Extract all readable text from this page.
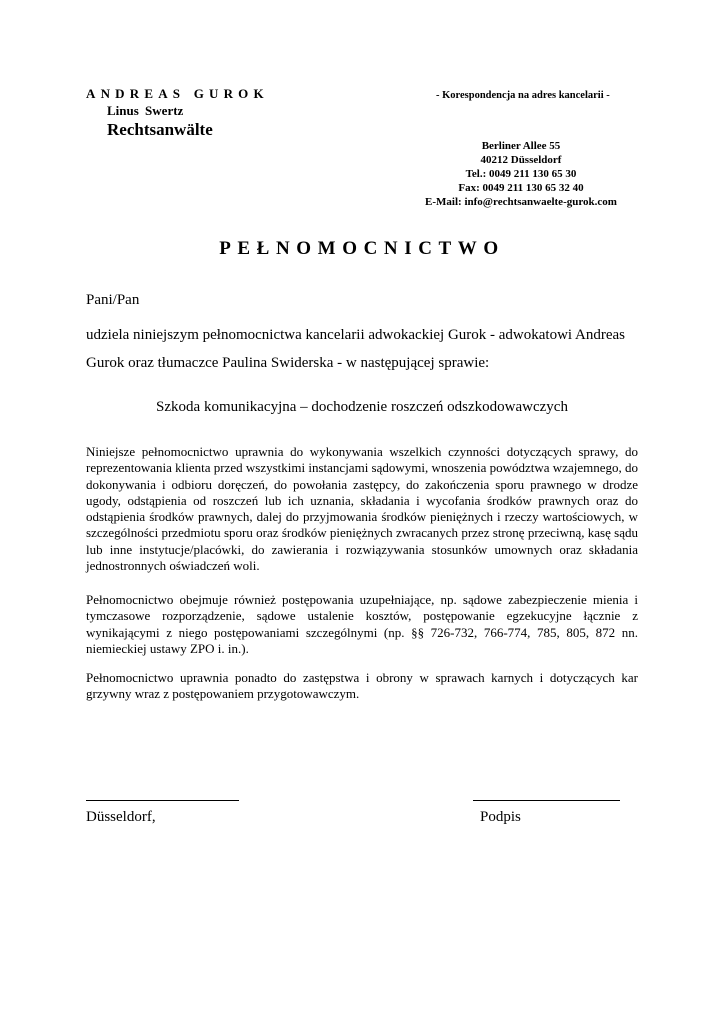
ANDREAS GUROK
Linus Swertz
Rechtsanwälte
- Korespondencja na adres kancelarii -
Berliner Allee 55
40212 Düsseldorf
Tel.: 0049 211 130 65 30
Fax: 0049 211 130 65 32 40
E-Mail: info@rechtsanwaelte-gurok.com
PEŁNOMOCNICTWO
Pani/Pan
udziela niniejszym pełnomocnictwa kancelarii adwokackiej Gurok - adwokatowi Andreas Gurok oraz tłumaczce Paulina Swiderska - w następującej sprawie:
Szkoda komunikacyjna – dochodzenie roszczeń odszkodowawczych
Niniejsze pełnomocnictwo uprawnia do wykonywania wszelkich czynności dotyczących sprawy, do reprezentowania klienta przed wszystkimi instancjami sądowymi, wnoszenia powództwa wzajemnego, do dokonywania i odbioru doręczeń, do powołania zastępcy, do zakończenia sporu prawnego w drodze ugody, odstąpienia od roszczeń lub ich uznania, składania i wycofania środków prawnych oraz do odstąpienia środków prawnych, dalej do przyjmowania środków pieniężnych i rzeczy wartościowych, w szczególności przedmiotu sporu oraz środków pieniężnych zwracanych przez stronę przeciwną, kasę sądu lub inne instytucje/placówki, do zawierania i rozwiązywania stosunków umownych oraz składania jednostronnych oświadczeń woli.
Pełnomocnictwo obejmuje również postępowania uzupełniające, np. sądowe zabezpieczenie mienia i tymczasowe rozporządzenie, sądowe ustalenie kosztów, postępowanie egzekucyjne łącznie z wynikającymi z niego postępowaniami szczególnymi (np. §§ 726-732, 766-774, 785, 805, 872 nn. niemieckiej ustawy ZPO i. in.).
Pełnomocnictwo uprawnia ponadto do zastępstwa i obrony w sprawach karnych i dotyczących kar grzywny wraz z postępowaniem przygotowawczym.
Düsseldorf,	Podpis
